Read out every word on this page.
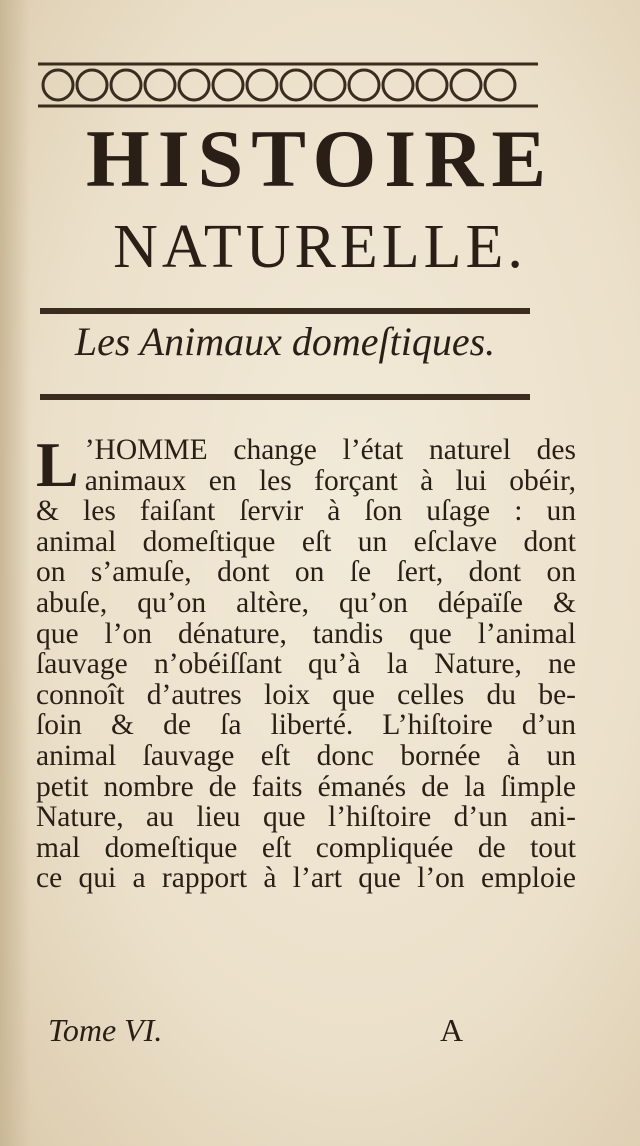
HISTOIRE
NATURELLE.
Les Animaux domeſtiques.
L ’HOMME change l’état naturel des
animaux en les forçant à lui obéir,
& les faiſant ſervir à ſon uſage : un
animal domeſtique eſt un eſclave dont
on s’amuſe, dont on ſe ſert, dont on
abuſe, qu’on altère, qu’on dépaïſe &
que l’on dénature, tandis que l’animal
ſauvage n’obéiſſant qu’à la Nature, ne
connoît d’autres loix que celles du be-
ſoin & de ſa liberté. L’hiſtoire d’un
animal ſauvage eſt donc bornée à un
petit nombre de faits émanés de la ſimple
Nature, au lieu que l’hiſtoire d’un ani-
mal domeſtique eſt compliquée de tout
ce qui a rapport à l’art que l’on emploie
Tome VI.	A
